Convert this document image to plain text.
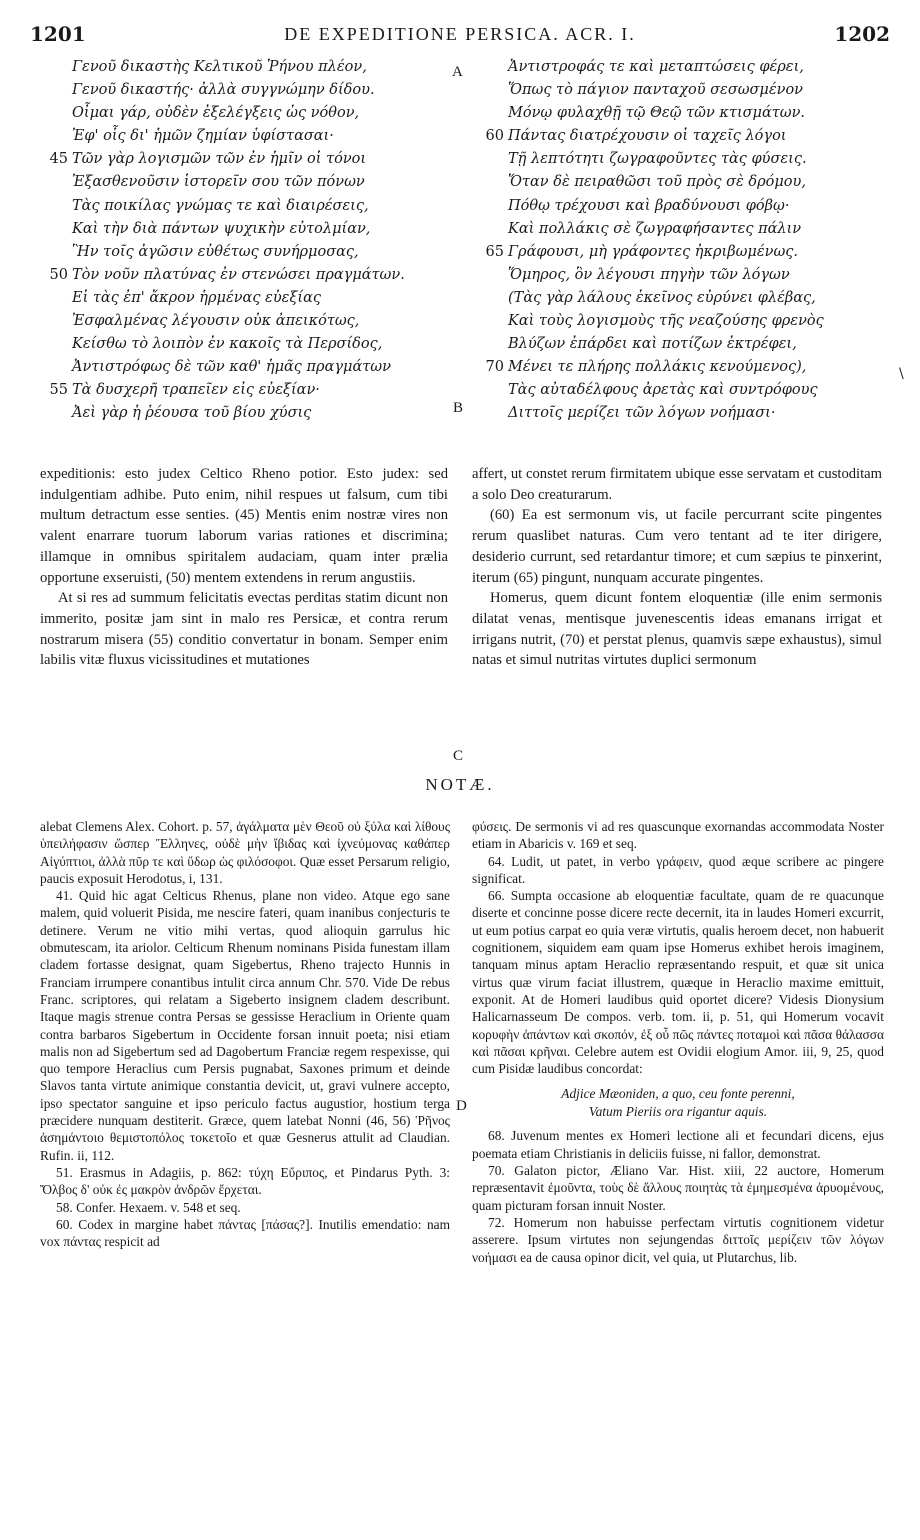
1201	DE EXPEDITIONE PERSICA. ACR. I.	1202
Γενοῦ δικαστὴς Κελτικοῦ Ῥήνου πλέον,
Γενοῦ δικαστής· ἀλλὰ συγγνώμην δίδου.
Οἶμαι γάρ, οὐδὲν ἐξελέγξεις ὡς νόθον,
Ἐφ' οἷς δι' ἡμῶν ζημίαν ὑφίστασαι·
45 Τῶν γὰρ λογισμῶν τῶν ἐν ἡμῖν οἱ τόνοι
Ἐξασθενοῦσιν ἱστορεῖν σου τῶν πόνων
Τὰς ποικίλας γνώμας τε καὶ διαιρέσεις,
Καὶ τὴν διὰ πάντων ψυχικὴν εὐτολμίαν,
Ἣν τοῖς ἀγῶσιν εὐθέτως συνήρμοσας,
50 Τὸν νοῦν πλατύνας ἐν στενώσει πραγμάτων.
Εἰ τὰς ἐπ' ἄκρον ἡρμένας εὐεξίας
Ἐσφαλμένας λέγουσιν οὐκ ἀπεικότως,
Κείσθω τὸ λοιπὸν ἐν κακοῖς τὰ Περσίδος,
Ἀντιστρόφως δὲ τῶν καθ' ἡμᾶς πραγμάτων
55 Τὰ δυσχερῆ τραπεῖεν εἰς εὐεξίαν·
Ἀεὶ γὰρ ἡ ῥέουσα τοῦ βίου χύσις
Ἀντιστροφάς τε καὶ μεταπτώσεις φέρει,
Ὅπως τὸ πάγιον πανταχοῦ σεσωσμένον
Μόνῳ φυλαχθῇ τῷ Θεῷ τῶν κτισμάτων.
60 Πάντας διατρέχουσιν οἱ ταχεῖς λόγοι
Τῇ λεπτότητι ζωγραφοῦντες τὰς φύσεις.
Ὅταν δὲ πειραθῶσι τοῦ πρὸς σὲ δρόμου,
Πόθῳ τρέχουσι καὶ βραδύνουσι φόβῳ·
Καὶ πολλάκις σὲ ζωγραφήσαντες πάλιν
65 Γράφουσι, μὴ γράφοντες ἠκριβωμένως.
Ὅμηρος, ὃν λέγουσι πηγὴν τῶν λόγων
(Τὰς γὰρ λάλους ἐκεῖνος εὐρύνει φλέβας,
Καὶ τοὺς λογισμοὺς τῆς νεαζούσης φρενὸς
Βλύζων ἐπάρδει καὶ ποτίζων ἐκτρέφει,
70 Μένει τε πλήρης πολλάκις κενούμενος),
Τὰς αὐταδέλφους ἀρετὰς καὶ συντρόφους
Διττοῖς μερίζει τῶν λόγων νοήμασι·
A
B
C
D
\

expeditionis: esto judex Celtico Rheno potior. Esto judex: sed indulgentiam adhibe. Puto enim, nihil respues ut falsum, cum tibi multum detractum esse senties. (45) Mentis enim nostræ vires non valent enarrare tuorum laborum varias rationes et discrimina; illamque in omnibus spiritalem audaciam, quam inter prælia opportune exseruisti, (50) mentem extendens in rerum angustiis.

At si res ad summum felicitatis evectas perditas statim dicunt non immerito, positæ jam sint in malo res Persicæ, et contra rerum nostrarum misera (55) conditio convertatur in bonam. Semper enim labilis vitæ fluxus vicissitudines et mutationes

affert, ut constet rerum firmitatem ubique esse servatam et custoditam a solo Deo creaturarum.

(60) Ea est sermonum vis, ut facile percurrant scite pingentes rerum quaslibet naturas. Cum vero tentant ad te iter dirigere, desiderio currunt, sed retardantur timore; et cum sæpius te pinxerint, iterum (65) pingunt, nunquam accurate pingentes.

Homerus, quem dicunt fontem eloquentiæ (ille enim sermonis dilatat venas, mentisque juvenescentis ideas emanans irrigat et irrigans nutrit, (70) et perstat plenus, quamvis sæpe exhaustus), simul natas et simul nutritas virtutes duplici sermonum

NOTÆ.

alebat Clemens Alex. Cohort. p. 57, ἀγάλματα μὲν Θεοῦ οὐ ξύλα καὶ λίθους ὑπειλήφασιν ὥσπερ Ἕλληνες, οὐδὲ μὴν ἴβιδας καὶ ἰχνεύμονας καθάπερ Αἰγύπτιοι, ἀλλὰ πῦρ τε καὶ ὕδωρ ὡς φιλόσοφοι. Quæ esset Persarum religio, paucis exposuit Herodotus, i, 131.

41. Quid hic agat Celticus Rhenus, plane non video. Atque ego sane malem, quid voluerit Pisida, me nescire fateri, quam inanibus conjecturis te detinere. Verum ne vitio mihi vertas, quod alioquin garrulus hic obmutescam, ita ariolor. Celticum Rhenum nominans Pisida funestam illam cladem fortasse designat, quam Sigebertus, Rheno trajecto Hunnis in Franciam irrumpere conantibus intulit circa annum Chr. 570. Vide De rebus Franc. scriptores, qui relatam a Sigeberto insignem cladem describunt. Itaque magis strenue contra Persas se gessisse Heraclium in Oriente quam contra barbaros Sigebertum in Occidente forsan innuit poeta; nisi etiam malis non ad Sigebertum sed ad Dagobertum Franciæ regem respexisse, qui quo tempore Heraclius cum Persis pugnabat, Saxones primum et deinde Slavos tanta virtute animique constantia devicit, ut, gravi vulnere accepto, ipso spectator sanguine et ipso periculo factus augustior, hostium terga præcidere nunquam destiterit. Græce, quem latebat Nonni (46, 56) Ῥῆνος ἀσημάντοιο θεμιστοπόλος τοκετοῖο et quæ Gesnerus attulit ad Claudian. Rufin. ii, 112.

51. Erasmus in Adagiis, p. 862: τύχη Εὔριπος, et Pindarus Pyth. 3: Ὄλβος δ' οὐκ ἐς μακρὸν ἀνδρῶν ἔρχεται.

58. Confer. Hexaem. v. 548 et seq.

60. Codex in margine habet πάντας [πάσας?]. Inutilis emendatio: nam vox πάντας respicit ad

φύσεις. De sermonis vi ad res quascunque exornandas accommodata Noster etiam in Abaricis v. 169 et seq.

64. Ludit, ut patet, in verbo γράφειν, quod æque scribere ac pingere significat.

66. Sumpta occasione ab eloquentiæ facultate, quam de re quacunque diserte et concinne posse dicere recte decernit, ita in laudes Homeri excurrit, ut eum potius carpat eo quia veræ virtutis, qualis heroem decet, non habuerit cognitionem, siquidem eam quam ipse Homerus exhibet herois imaginem, tanquam minus aptam Heraclio repræsentando respuit, et quæ sit unica virtus quæ virum faciat illustrem, quæque in Heraclio maxime emittuit, exponit. At de Homeri laudibus quid oportet dicere? Videsis Dionysium Halicarnasseum De compos. verb. tom. ii, p. 51, qui Homerum vocavit κορυφὴν ἁπάντων καὶ σκοπόν, ἐξ οὗ πῶς πάντες ποταμοὶ καὶ πᾶσα θάλασσα καὶ πᾶσαι κρῆναι. Celebre autem est Ovidii elogium Amor. iii, 9, 25, quod cum Pisidæ laudibus concordat:

Adjice Mæoniden, a quo, ceu fonte perenni,
Vatum Pieriis ora rigantur aquis.

68. Juvenum mentes ex Homeri lectione ali et fecundari dicens, ejus poemata etiam Christianis in deliciis fuisse, ni fallor, demonstrat.

70. Galaton pictor, Æliano Var. Hist. xiii, 22 auctore, Homerum repræsentavit ἐμοῦντα, τοὺς δὲ ἄλλους ποιητὰς τὰ ἐμημεσμένα ἀρυομένους, quam picturam forsan innuit Noster.

72. Homerum non habuisse perfectam virtutis cognitionem videtur asserere. Ipsum virtutes non sejungendas διττοῖς μερίζειν τῶν λόγων νοήμασι ea de causa opinor dicit, vel quia, ut Plutarchus, lib.
